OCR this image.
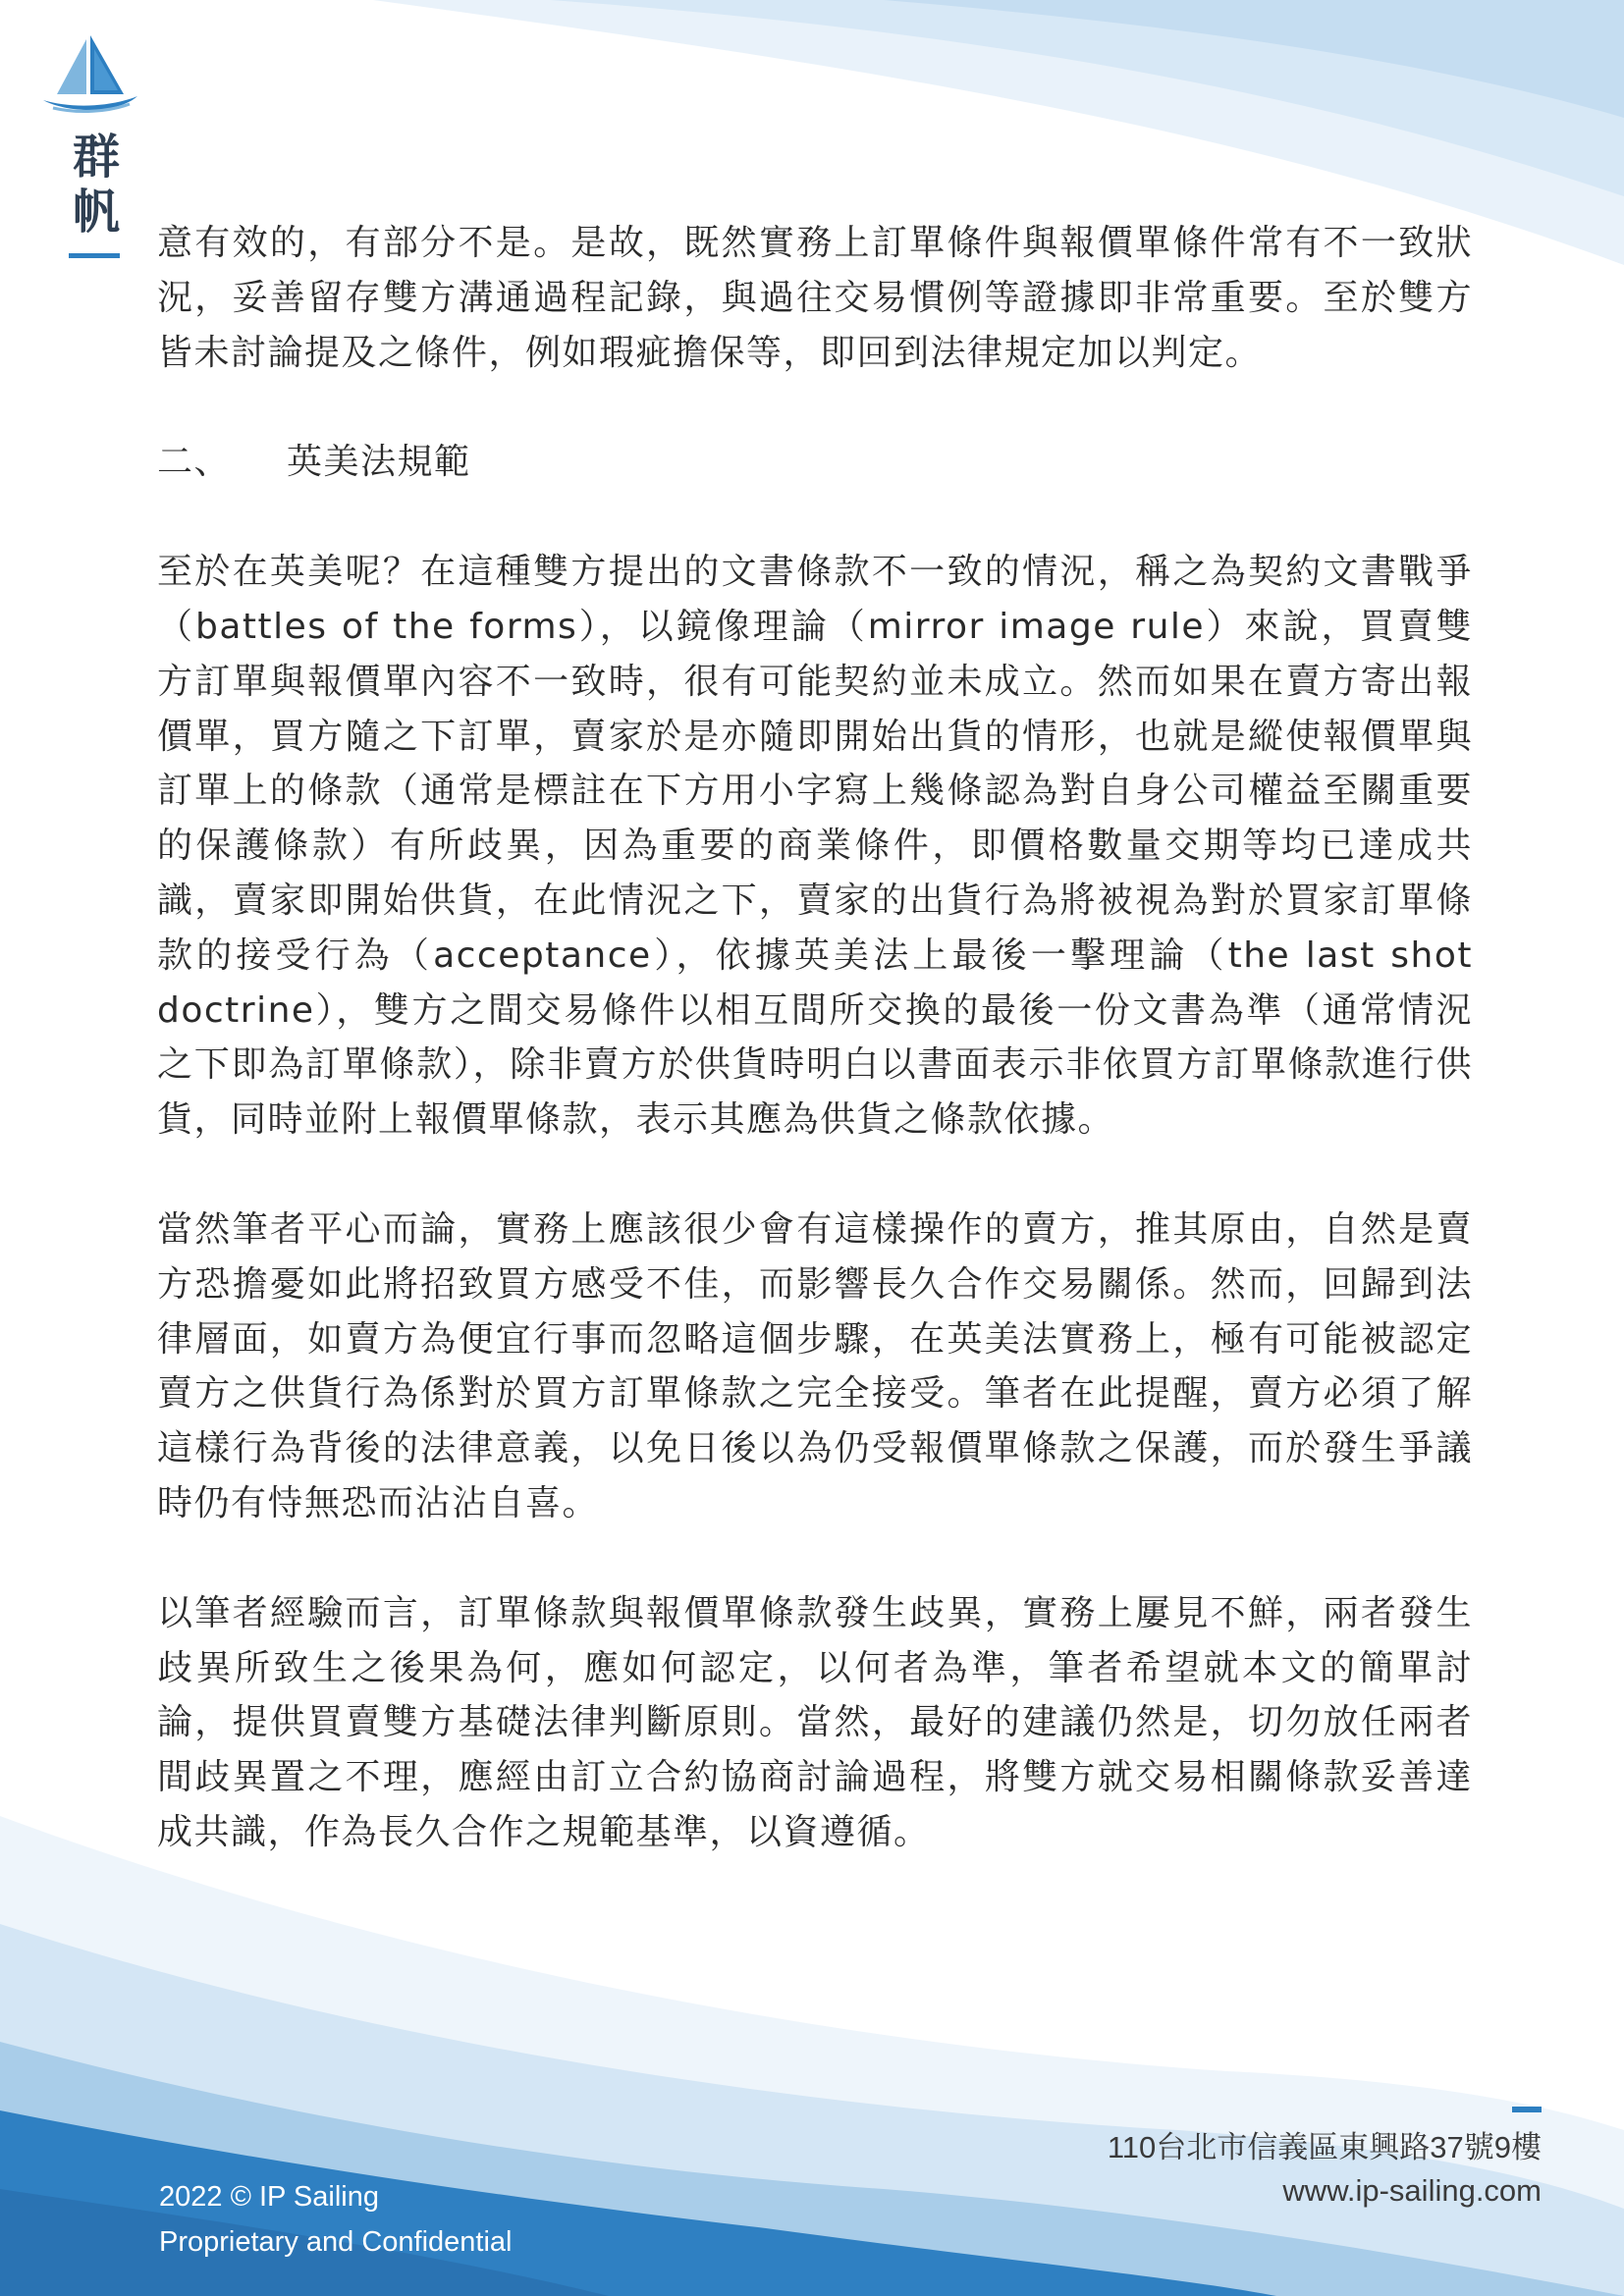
群帆

意有效的，有部分不是。是故，既然實務上訂單條件與報價單條件常有不一致狀況，妥善留存雙方溝通過程記錄，與過往交易慣例等證據即非常重要。至於雙方皆未討論提及之條件，例如瑕疵擔保等，即回到法律規定加以判定。

二、 英美法規範

至於在英美呢？在這種雙方提出的文書條款不一致的情況，稱之為契約文書戰爭（battles of the forms），以鏡像理論（mirror image rule）來說，買賣雙方訂單與報價單內容不一致時，很有可能契約並未成立。然而如果在賣方寄出報價單，買方隨之下訂單，賣家於是亦隨即開始出貨的情形，也就是縱使報價單與訂單上的條款（通常是標註在下方用小字寫上幾條認為對自身公司權益至關重要的保護條款）有所歧異，因為重要的商業條件，即價格數量交期等均已達成共識，賣家即開始供貨，在此情況之下，賣家的出貨行為將被視為對於買家訂單條款的接受行為（acceptance），依據英美法上最後一擊理論（the last shot doctrine），雙方之間交易條件以相互間所交換的最後一份文書為準（通常情況之下即為訂單條款），除非賣方於供貨時明白以書面表示非依買方訂單條款進行供貨，同時並附上報價單條款，表示其應為供貨之條款依據。

當然筆者平心而論，實務上應該很少會有這樣操作的賣方，推其原由，自然是賣方恐擔憂如此將招致買方感受不佳，而影響長久合作交易關係。然而，回歸到法律層面，如賣方為便宜行事而忽略這個步驟，在英美法實務上，極有可能被認定賣方之供貨行為係對於買方訂單條款之完全接受。筆者在此提醒，賣方必須了解這樣行為背後的法律意義，以免日後以為仍受報價單條款之保護，而於發生爭議時仍有恃無恐而沾沾自喜。

以筆者經驗而言，訂單條款與報價單條款發生歧異，實務上屢見不鮮，兩者發生歧異所致生之後果為何，應如何認定，以何者為準，筆者希望就本文的簡單討論，提供買賣雙方基礎法律判斷原則。當然，最好的建議仍然是，切勿放任兩者間歧異置之不理，應經由訂立合約協商討論過程，將雙方就交易相關條款妥善達成共識，作為長久合作之規範基準，以資遵循。

110台北市信義區東興路37號9樓
www.ip-sailing.com
2022 © IP Sailing
Proprietary and Confidential
